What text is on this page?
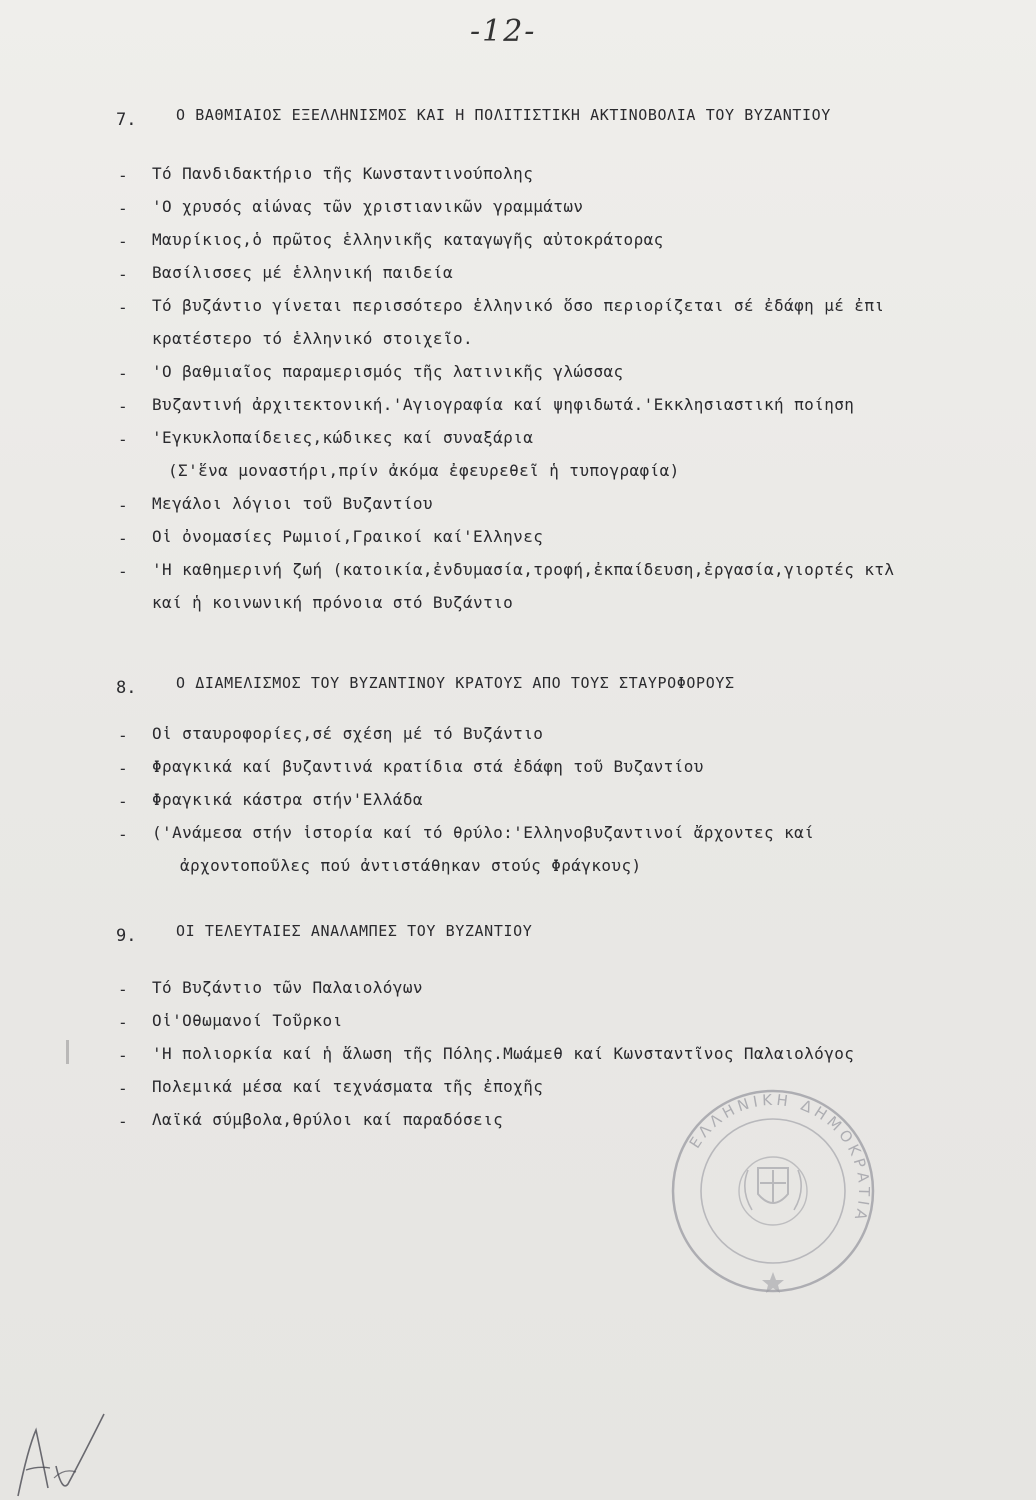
-12-
7.	Ο ΒΑΘΜΙΑΙΟΣ ΕΞΕΛΛΗΝΙΣΜΟΣ ΚΑΙ Η ΠΟΛΙΤΙΣΤΙΚΗ ΑΚΤΙΝΟΒΟΛΙΑ ΤΟΥ ΒΥΖΑΝΤΙΟΥ
- Τό Πανδιδακτήριο τῆς Κωνσταντινούπολης
- 'Ο χρυσός αἰώνας τῶν χριστιανικῶν γραμμάτων
- Μαυρίκιος,ὁ πρῶτος ἑλληνικῆς καταγωγῆς αὐτοκράτορας
- Βασίλισσες μέ ἑλληνική παιδεία
- Τό βυζάντιο γίνεται περισσότερο ἑλληνικό ὅσο περιορίζεται σέ ἐδάφη μέ ἐπι
κρατέστερο τό ἑλληνικό στοιχεῖο.
- 'Ο βαθμιαῖος παραμερισμός τῆς λατινικῆς γλώσσας
- Βυζαντινή ἀρχιτεκτονική.'Αγιογραφία καί ψηφιδωτά.'Εκκλησιαστική ποίηση
- 'Εγκυκλοπαίδειες,κώδικες καί συναξάρια
(Σ'ἕνα μοναστήρι,πρίν ἀκόμα ἐφευρεθεῖ ἡ τυπογραφία)
- Μεγάλοι λόγιοι τοῦ Βυζαντίου
- Οἱ ὀνομασίες Ρωμιοί,Γραικοί καί'Ελληνες
- 'Η καθημερινή ζωή (κατοικία,ἐνδυμασία,τροφή,ἐκπαίδευση,ἐργασία,γιορτές κτλ
καί ἡ κοινωνική πρόνοια στό Βυζάντιο
8.	Ο ΔΙΑΜΕΛΙΣΜΟΣ ΤΟΥ ΒΥΖΑΝΤΙΝΟΥ ΚΡΑΤΟΥΣ ΑΠΟ ΤΟΥΣ ΣΤΑΥΡΟΦΟΡΟΥΣ
- Οἱ σταυροφορίες,σέ σχέση μέ τό Βυζάντιο
- Φραγκικά καί βυζαντινά κρατίδια στά ἐδάφη τοῦ Βυζαντίου
- Φραγκικά κάστρα στήν'Ελλάδα
- ('Ανάμεσα στήν ἱστορία καί τό θρύλο:'Ελληνοβυζαντινοί ἄρχοντες καί
ἀρχοντοποῦλες πού ἀντιστάθηκαν στούς Φράγκους)
9.	ΟΙ ΤΕΛΕΥΤΑΙΕΣ ΑΝΑΛΑΜΠΕΣ ΤΟΥ ΒΥΖΑΝΤΙΟΥ
- Τό Βυζάντιο τῶν Παλαιολόγων
- Οἱ'Οθωμανοί Τοῦρκοι
- 'Η πολιορκία καί ἡ ἅλωση τῆς Πόλης.Μωάμεθ καί Κωνσταντῖνος Παλαιολόγος
- Πολεμικά μέσα καί τεχνάσματα τῆς ἐποχῆς
- Λαϊκά σύμβολα,θρύλοι καί παραδόσεις
ΕΛΛΗΝΙΚΗ ΔΗΜΟΚΡΑΤΙΑ
